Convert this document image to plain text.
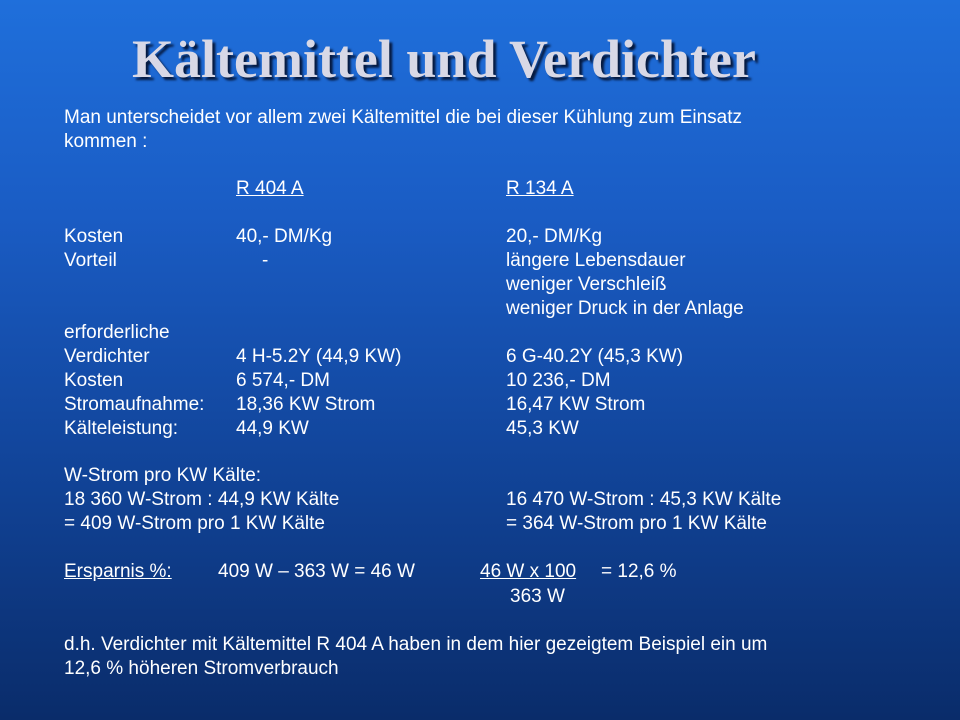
Kältemittel und Verdichter
Man unterscheidet vor allem zwei Kältemittel die bei dieser Kühlung zum Einsatz
kommen :
R 404 A	R 134 A
Kosten	40,- DM/Kg	20,- DM/Kg
Vorteil	-	längere Lebensdauer
weniger Verschleiß
weniger Druck in der Anlage
erforderliche
Verdichter	4 H-5.2Y (44,9 KW)	6 G-40.2Y (45,3 KW)
Kosten	6 574,- DM	10 236,- DM
Stromaufnahme: 18,36 KW Strom	16,47 KW Strom
Kälteleistung:	44,9 KW	45,3 KW
W-Strom pro KW Kälte:
18 360 W-Strom : 44,9 KW Kälte	16 470 W-Strom : 45,3 KW Kälte
= 409 W-Strom pro 1 KW Kälte	= 364 W-Strom pro 1 KW Kälte
Ersparnis %: 409 W – 363 W = 46 W	46 W x 100 = 12,6 %
363 W
d.h. Verdichter mit Kältemittel R 404 A haben in dem hier gezeigtem Beispiel ein um
12,6 % höheren Stromverbrauch
